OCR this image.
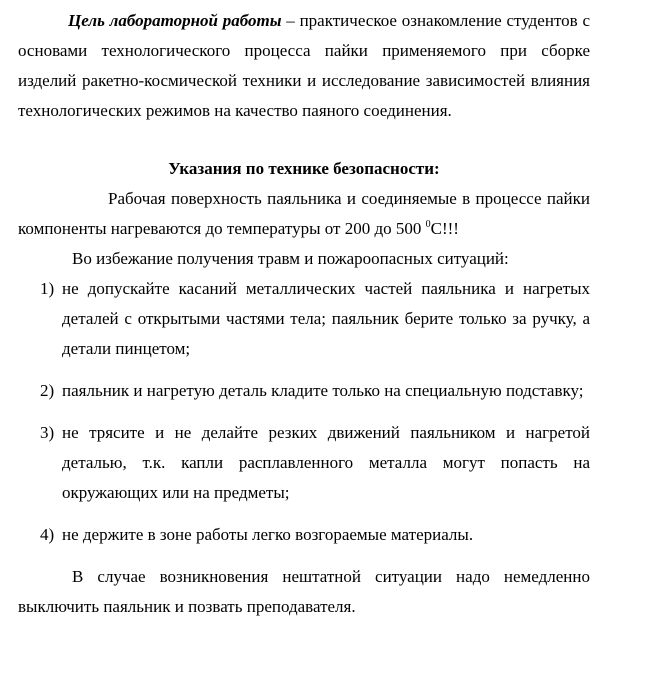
Цель лабораторной работы – практическое ознакомление студентов с основами технологического процесса пайки применяемого при сборке изделий ракетно-космической техники и исследование зависимостей влияния технологических режимов на качество паяного соединения.

Указания по технике безопасности:

Рабочая поверхность паяльника и соединяемые в процессе пайки компоненты нагреваются до температуры от 200 до 500 $^0$С!!!

Во избежание получения травм и пожароопасных ситуаций:

1) не допускайте касаний металлических частей паяльника и нагретых деталей с открытыми частями тела; паяльник берите только за ручку, а детали пинцетом;
2) паяльник и нагретую деталь кладите только на специальную подставку;
3) не трясите и не делайте резких движений паяльником и нагретой деталью, т.к. капли расплавленного металла могут попасть на окружающих или на предметы;
4) не держите в зоне работы легко возгораемые материалы.

В случае возникновения нештатной ситуации надо немедленно выключить паяльник и позвать преподавателя.
